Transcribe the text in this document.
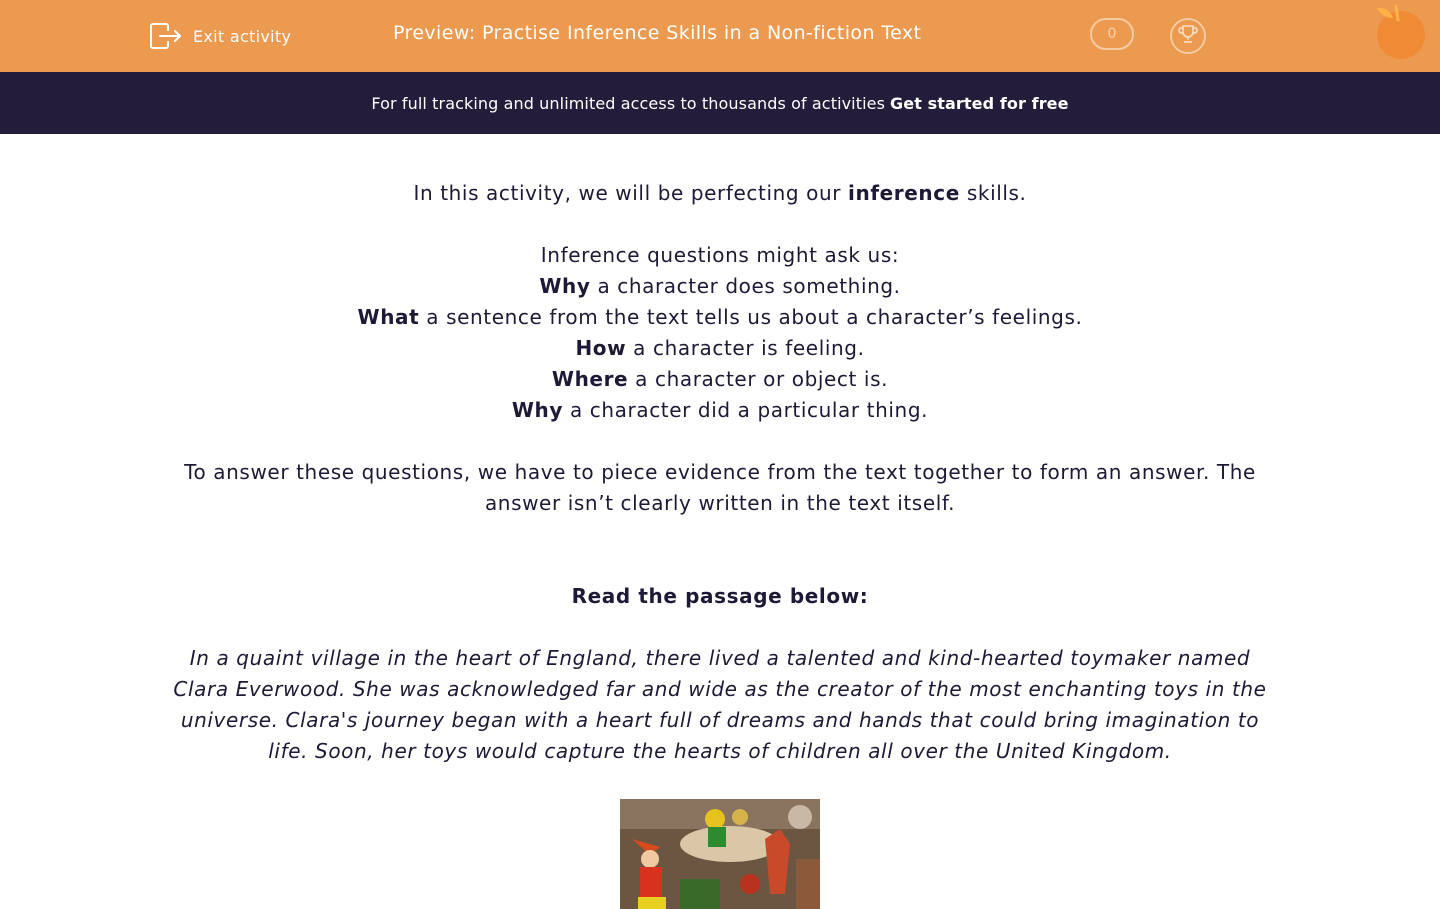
Exit activity	Preview: Practise Inference Skills in a Non-fiction Text	0
For full tracking and unlimited access to thousands of activities Get started for free

In this activity, we will be perfecting our inference skills.

Inference questions might ask us:

Why a character does something.

What a sentence from the text tells us about a character’s feelings.

How a character is feeling.

Where a character or object is.

Why a character did a particular thing.

To answer these questions, we have to piece evidence from the text together to form an answer. The answer isn’t clearly written in the text itself.

Read the passage below:

In a quaint village in the heart of England, there lived a talented and kind-hearted toymaker named Clara Everwood. She was acknowledged far and wide as the creator of the most enchanting toys in the universe. Clara's journey began with a heart full of dreams and hands that could bring imagination to life. Soon, her toys would capture the hearts of children all over the United Kingdom.
